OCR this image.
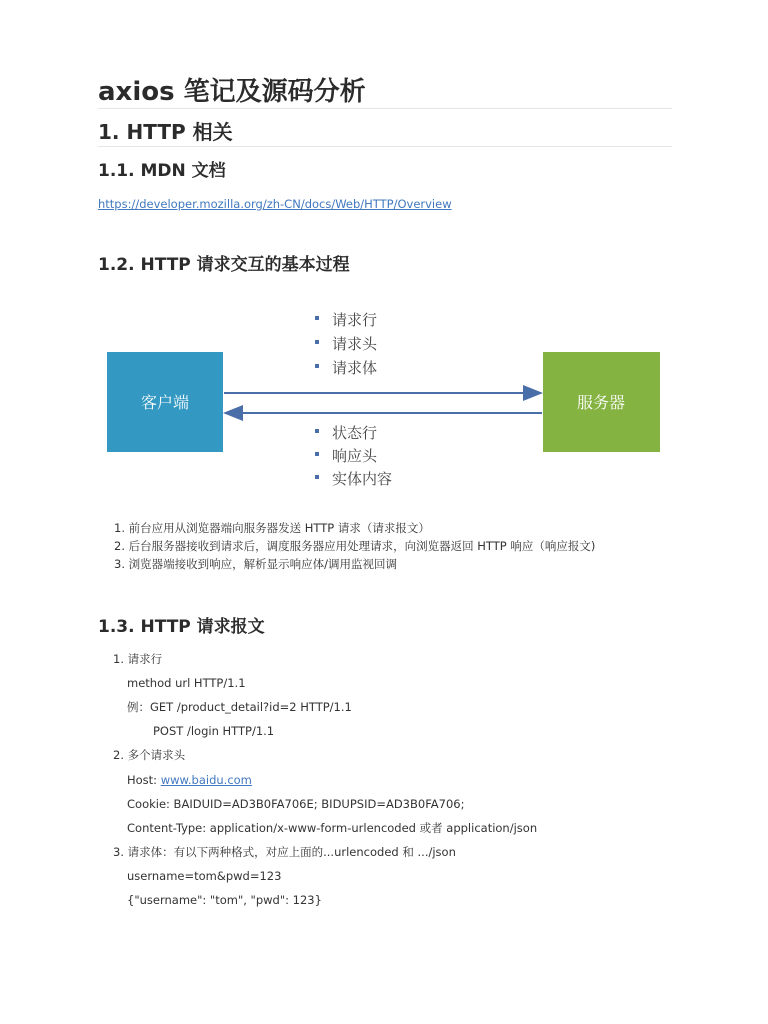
axios 笔记及源码分析
1. HTTP 相关
1.1. MDN 文档
https://developer.mozilla.org/zh-CN/docs/Web/HTTP/Overview
1.2. HTTP 请求交互的基本过程
客户端	服务器
请求行
请求头
请求体
状态行
响应头
实体内容
1. 前台应用从浏览器端向服务器发送 HTTP 请求（请求报文）
2. 后台服务器接收到请求后，调度服务器应用处理请求，向浏览器返回 HTTP 响应（响应报文)
3. 浏览器端接收到响应，解析显示响应体/调用监视回调
1.3. HTTP 请求报文
1. 请求行
method url HTTP/1.1
例：GET /product_detail?id=2 HTTP/1.1
POST /login HTTP/1.1
2. 多个请求头
Host: www.baidu.com
Cookie: BAIDUID=AD3B0FA706E; BIDUPSID=AD3B0FA706;
Content-Type: application/x-www-form-urlencoded 或者 application/json
3. 请求体：有以下两种格式，对应上面的...urlencoded 和 .../json
username=tom&pwd=123
{"username": "tom", "pwd": 123}
